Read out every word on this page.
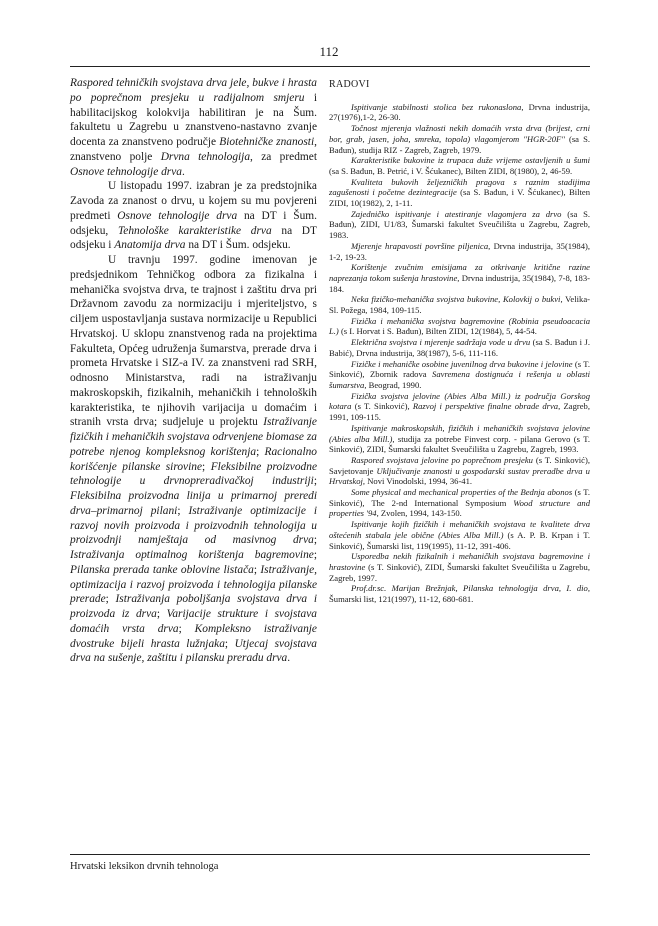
112

Raspored tehničkih svojstava drva jele, bukve i hrasta po poprečnom presjeku u radijalnom smjeru i habilitacijskog kolokvija habilitiran je na Šum. fakultetu u Zagrebu u znanstveno-nastavno zvanje docenta za znanstveno područje Biotehničke znanosti, znanstveno polje Drvna tehnologija, za predmet Osnove tehnologije drva.

U listopadu 1997. izabran je za predstojnika Zavoda za znanost o drvu, u kojem su mu povjereni predmeti Osnove tehnologije drva na DT i Šum. odsjeku, Tehnološke karakteristike drva na DT odsjeku i Anatomija drva na DT i Šum. odsjeku.

U travnju 1997. godine imenovan je predsjednikom Tehničkog odbora za fizikalna i mehanička svojstva drva, te trajnost i zaštitu drva pri Državnom zavodu za normizaciju i mjeriteljstvo, s ciljem uspostavljanja sustava normizacije u Republici Hrvatskoj. U sklopu znanstvenog rada na projektima Fakulteta, Općeg udruženja šumarstva, prerade drva i prometa Hrvatske i SIZ-a IV. za znanstveni rad SRH, odnosno Ministarstva, radi na istraživanju makroskopskih, fizikalnih, mehaničkih i tehnoloških karakteristika, te njihovih varijacija u domaćim i stranih vrsta drva; sudjeluje u projektu Istraživanje fizičkih i mehaničkih svojstava odrvenjene biomase za potrebe njenog kompleksnog korištenja; Racionalno korišćenje pilanske sirovine; Fleksibilne proizvodne tehnologije u drvnopreradivačkoj industriji; Fleksibilna proizvodna linija u primarnoj preredi drva–primarnoj pilani; Istraživanje optimizacije i razvoj novih proizvoda i proizvodnih tehnologija u proizvodnji namještaja od masivnog drva; Istraživanja optimalnog korištenja bagremovine; Pilanska prerada tanke oblovine listača; Istraživanje, optimizacija i razvoj proizvoda i tehnologija pilanske prerade; Istraživanja poboljšanja svojstava drva i proizvoda iz drva; Varijacije strukture i svojstava domaćih vrsta drva; Kompleksno istraživanje dvostruke bijeli hrasta lužnjaka; Utjecaj svojstava drva na sušenje, zaštitu i pilansku preradu drva.

RADOVI

Ispitivanje stabilnosti stolica bez rukonaslona, Drvna industrija, 27(1976),1-2, 26-30.

Točnost mjerenja vlažnosti nekih domaćih vrsta drva (brijest, crni bor, grab, jasen, joha, smreka, topola) vlagomjerom "HGR-20F" (sa S. Bađun), studija RIZ - Zagreb, Zagreb, 1979.

Karakteristike bukovine iz trupaca duže vrijeme ostavljenih u šumi (sa S. Bađun, B. Petrić, i V. Šćukanec), Bilten ZIDI, 8(1980), 2, 46-59.

Kvaliteta bukovih željezničkih pragova s raznim stadijima zagušenosti i početne dezintegracije (sa S. Bađun, i V. Šćukanec), Bilten ZIDI, 10(1982), 2, 1-11.

Zajedničko ispitivanje i atestiranje vlagomjera za drvo (sa S. Bađun), ZIDI, U1/83, Šumarski fakultet Sveučilišta u Zagrebu, Zagreb, 1983.

Mjerenje hrapavosti površine piljenica, Drvna industrija, 35(1984), 1-2, 19-23.

Korištenje zvučnim emisijama za otkrivanje kritične razine naprezanja tokom sušenja hrastovine, Drvna industrija, 35(1984), 7-8, 183-184.

Neka fizičko-mehanička svojstva bukovine, Kolovkij o bukvi, Velika-Sl. Požega, 1984, 109-115.

Fizička i mehanička svojstva bagremovine (Robinia pseudoacacia L.) (s I. Horvat i S. Bađun), Bilten ZIDI, 12(1984), 5, 44-54.

Električna svojstva i mjerenje sadržaja vode u drvu (sa S. Bađun i J. Babić), Drvna industrija, 38(1987), 5-6, 111-116.

Fizičke i mehaničke osobine juvenilnog drva bukovine i jelovine (s T. Sinković), Zbornik radova Savremena dostignuća i rešenja u oblasti šumarstva, Beograd, 1990.

Fizička svojstva jelovine (Abies Alba Mill.) iz područja Gorskog kotara (s T. Sinković), Razvoj i perspektive finalne obrade drva, Zagreb, 1991, 109-115.

Ispitivanje makroskopskih, fizičkih i mehaničkih svojstava jelovine (Abies alba Mill.), studija za potrebe Finvest corp. - pilana Gerovo (s T. Sinković), ZIDI, Šumarski fakultet Sveučilišta u Zagrebu, Zagreb, 1993.

Raspored svojstava jelovine po poprečnom presjeku (s T. Sinković), Savjetovanje Uključivanje znanosti u gospodarski sustav preradbe drva u Hrvatskoj, Novi Vinodolski, 1994, 36-41.

Some physical and mechanical properties of the Bednja abonos (s T. Sinković), The 2-nd International Symposium Wood structure and properties '94, Zvolen, 1994, 143-150.

Ispitivanje kojih fizičkih i mehaničkih svojstava te kvalitete drva oštećenih stabala jele obične (Abies Alba Mill.) (s A. P. B. Krpan i T. Sinković), Šumarski list, 119(1995), 11-12, 391-406.

Usporedba nekih fizikalnih i mehaničkih svojstava bagremovine i hrastovine (s T. Sinković), ZIDI, Šumarski fakultet Sveučilišta u Zagrebu, Zagreb, 1997.

Prof.dr.sc. Marijan Brežnjak, Pilanska tehnologija drva, I. dio, Šumarski list, 121(1997), 11-12, 680-681.

Hrvatski leksikon drvnih tehnologa
